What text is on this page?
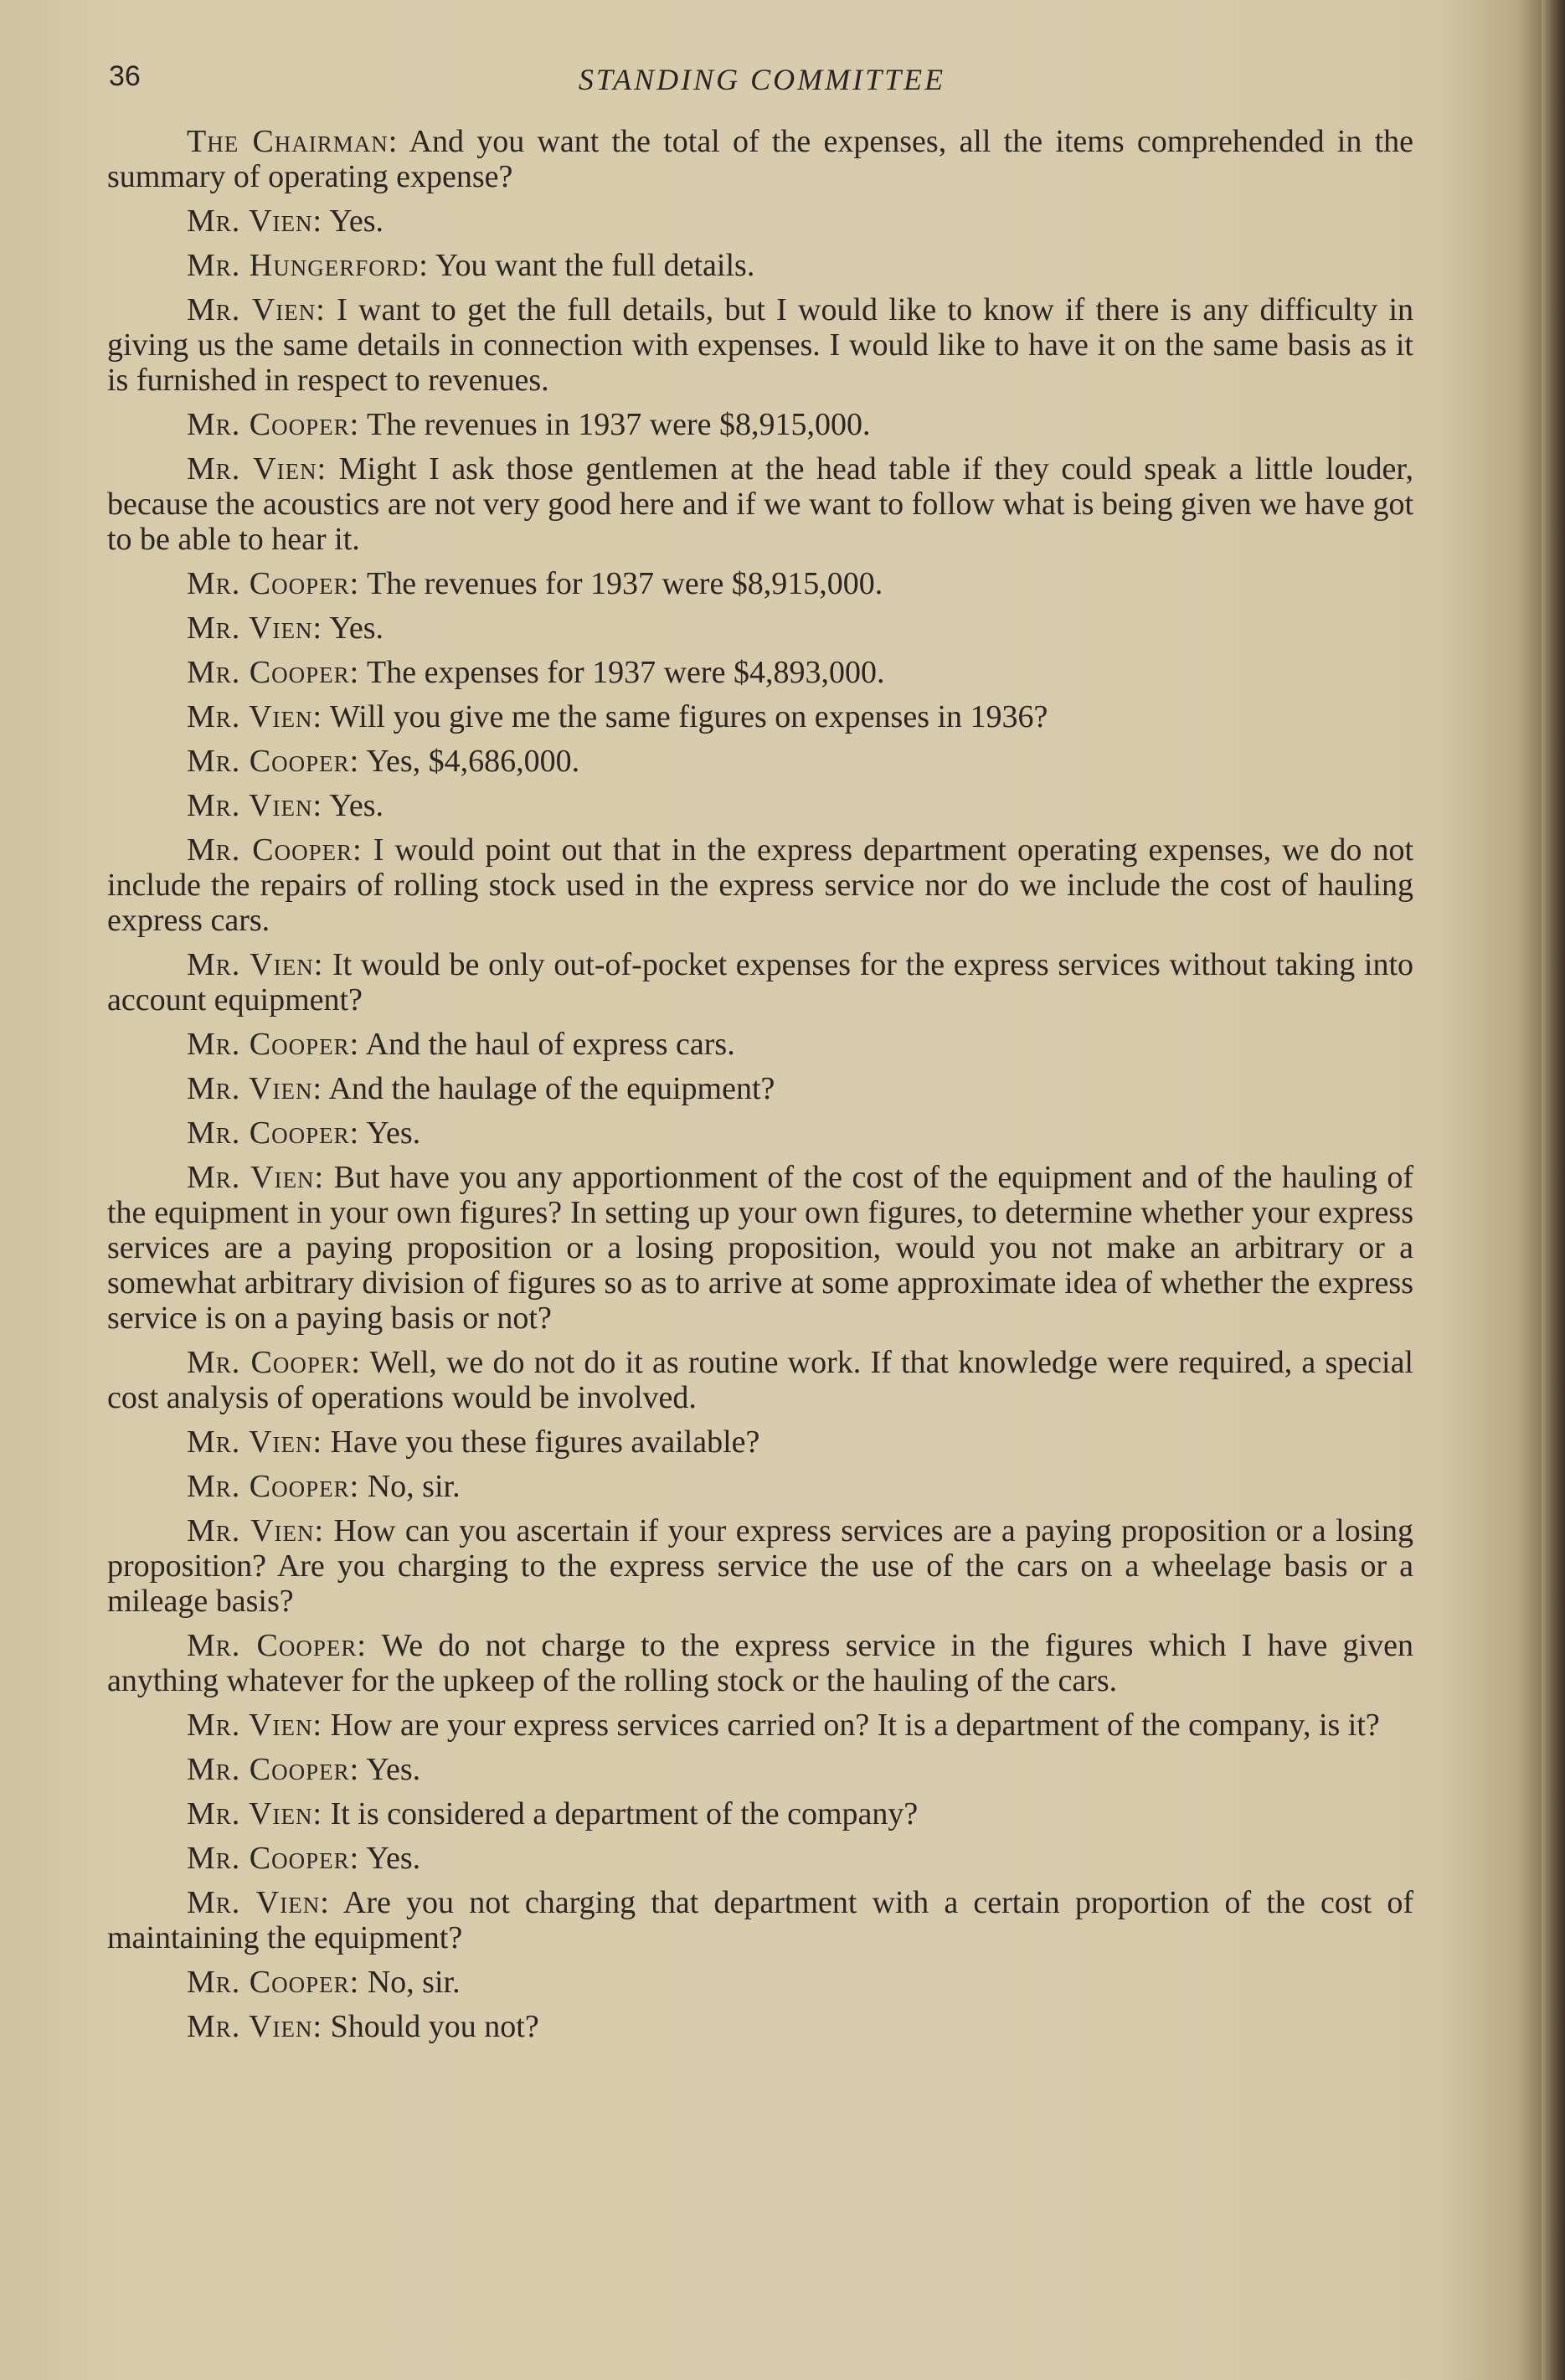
36	STANDING COMMITTEE

The Chairman: And you want the total of the expenses, all the items comprehended in the summary of operating expense?

Mr. Vien: Yes.

Mr. Hungerford: You want the full details.

Mr. Vien: I want to get the full details, but I would like to know if there is any difficulty in giving us the same details in connection with expenses. I would like to have it on the same basis as it is furnished in respect to revenues.

Mr. Cooper: The revenues in 1937 were $8,915,000.

Mr. Vien: Might I ask those gentlemen at the head table if they could speak a little louder, because the acoustics are not very good here and if we want to follow what is being given we have got to be able to hear it.

Mr. Cooper: The revenues for 1937 were $8,915,000.

Mr. Vien: Yes.

Mr. Cooper: The expenses for 1937 were $4,893,000.

Mr. Vien: Will you give me the same figures on expenses in 1936?

Mr. Cooper: Yes, $4,686,000.

Mr. Vien: Yes.

Mr. Cooper: I would point out that in the express department operating expenses, we do not include the repairs of rolling stock used in the express service nor do we include the cost of hauling express cars.

Mr. Vien: It would be only out-of-pocket expenses for the express services without taking into account equipment?

Mr. Cooper: And the haul of express cars.

Mr. Vien: And the haulage of the equipment?

Mr. Cooper: Yes.

Mr. Vien: But have you any apportionment of the cost of the equipment and of the hauling of the equipment in your own figures? In setting up your own figures, to determine whether your express services are a paying proposition or a losing proposition, would you not make an arbitrary or a somewhat arbitrary division of figures so as to arrive at some approximate idea of whether the express service is on a paying basis or not?

Mr. Cooper: Well, we do not do it as routine work. If that knowledge were required, a special cost analysis of operations would be involved.

Mr. Vien: Have you these figures available?

Mr. Cooper: No, sir.

Mr. Vien: How can you ascertain if your express services are a paying proposition or a losing proposition? Are you charging to the express service the use of the cars on a wheelage basis or a mileage basis?

Mr. Cooper: We do not charge to the express service in the figures which I have given anything whatever for the upkeep of the rolling stock or the hauling of the cars.

Mr. Vien: How are your express services carried on? It is a department of the company, is it?

Mr. Cooper: Yes.

Mr. Vien: It is considered a department of the company?

Mr. Cooper: Yes.

Mr. Vien: Are you not charging that department with a certain proportion of the cost of maintaining the equipment?

Mr. Cooper: No, sir.

Mr. Vien: Should you not?
